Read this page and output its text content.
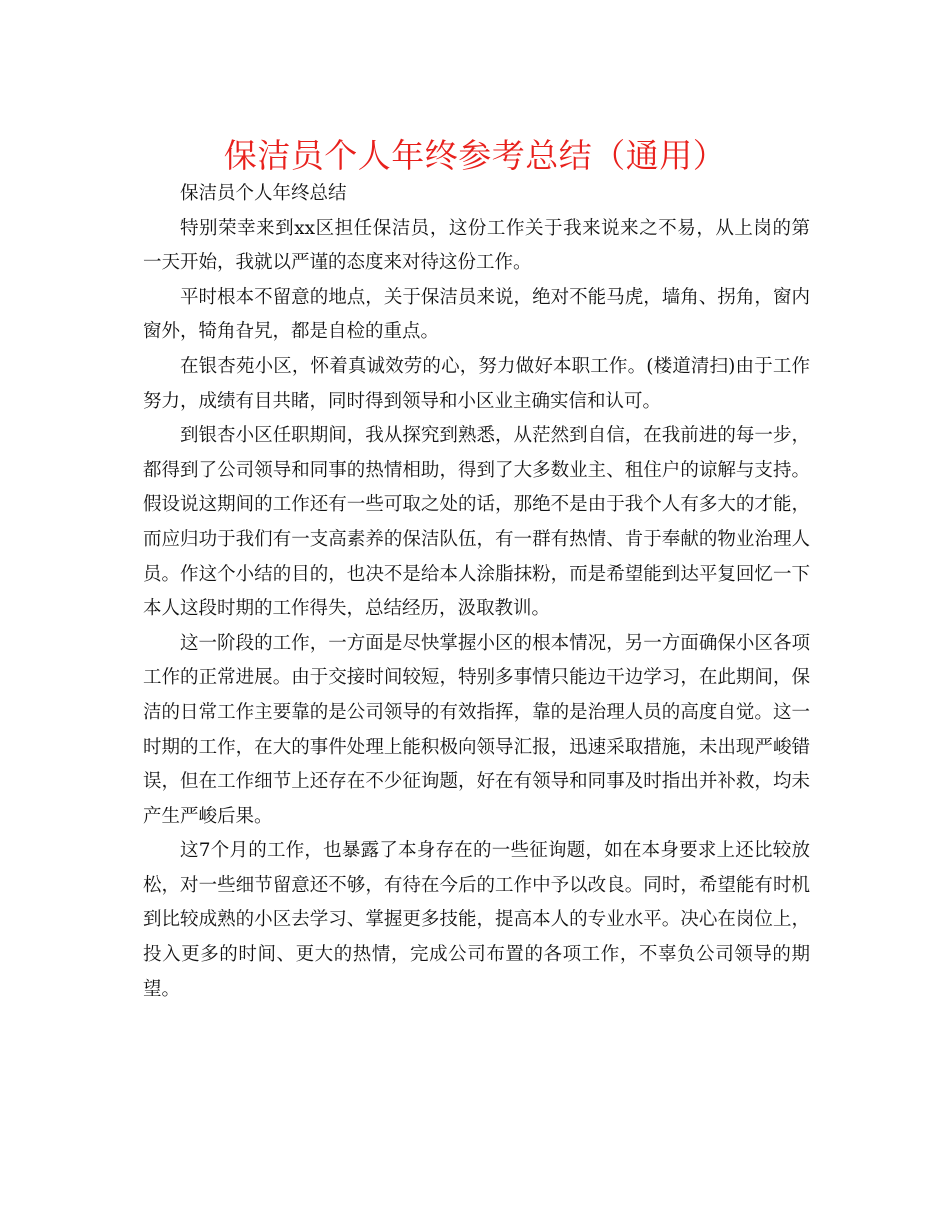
保洁员个人年终参考总结（通用）

保洁员个人年终总结

特别荣幸来到xx区担任保洁员，这份工作关于我来说来之不易，从上岗的第一天开始，我就以严谨的态度来对待这份工作。

平时根本不留意的地点，关于保洁员来说，绝对不能马虎，墙角、拐角，窗内窗外，犄角旮旯，都是自检的重点。

在银杏苑小区，怀着真诚效劳的心，努力做好本职工作。(楼道清扫)由于工作努力，成绩有目共睹，同时得到领导和小区业主确实信和认可。

到银杏小区任职期间，我从探究到熟悉，从茫然到自信，在我前进的每一步，都得到了公司领导和同事的热情相助，得到了大多数业主、租住户的谅解与支持。假设说这期间的工作还有一些可取之处的话，那绝不是由于我个人有多大的才能，而应归功于我们有一支高素养的保洁队伍，有一群有热情、肯于奉献的物业治理人员。作这个小结的目的，也决不是给本人涂脂抹粉，而是希望能到达平复回忆一下本人这段时期的工作得失，总结经历，汲取教训。

这一阶段的工作，一方面是尽快掌握小区的根本情况，另一方面确保小区各项工作的正常进展。由于交接时间较短，特别多事情只能边干边学习，在此期间，保洁的日常工作主要靠的是公司领导的有效指挥，靠的是治理人员的高度自觉。这一时期的工作，在大的事件处理上能积极向领导汇报，迅速采取措施，未出现严峻错误，但在工作细节上还存在不少征询题，好在有领导和同事及时指出并补救，均未产生严峻后果。

这7个月的工作，也暴露了本身存在的一些征询题，如在本身要求上还比较放松，对一些细节留意还不够，有待在今后的工作中予以改良。同时，希望能有时机到比较成熟的小区去学习、掌握更多技能，提高本人的专业水平。决心在岗位上，投入更多的时间、更大的热情，完成公司布置的各项工作，不辜负公司领导的期望。
